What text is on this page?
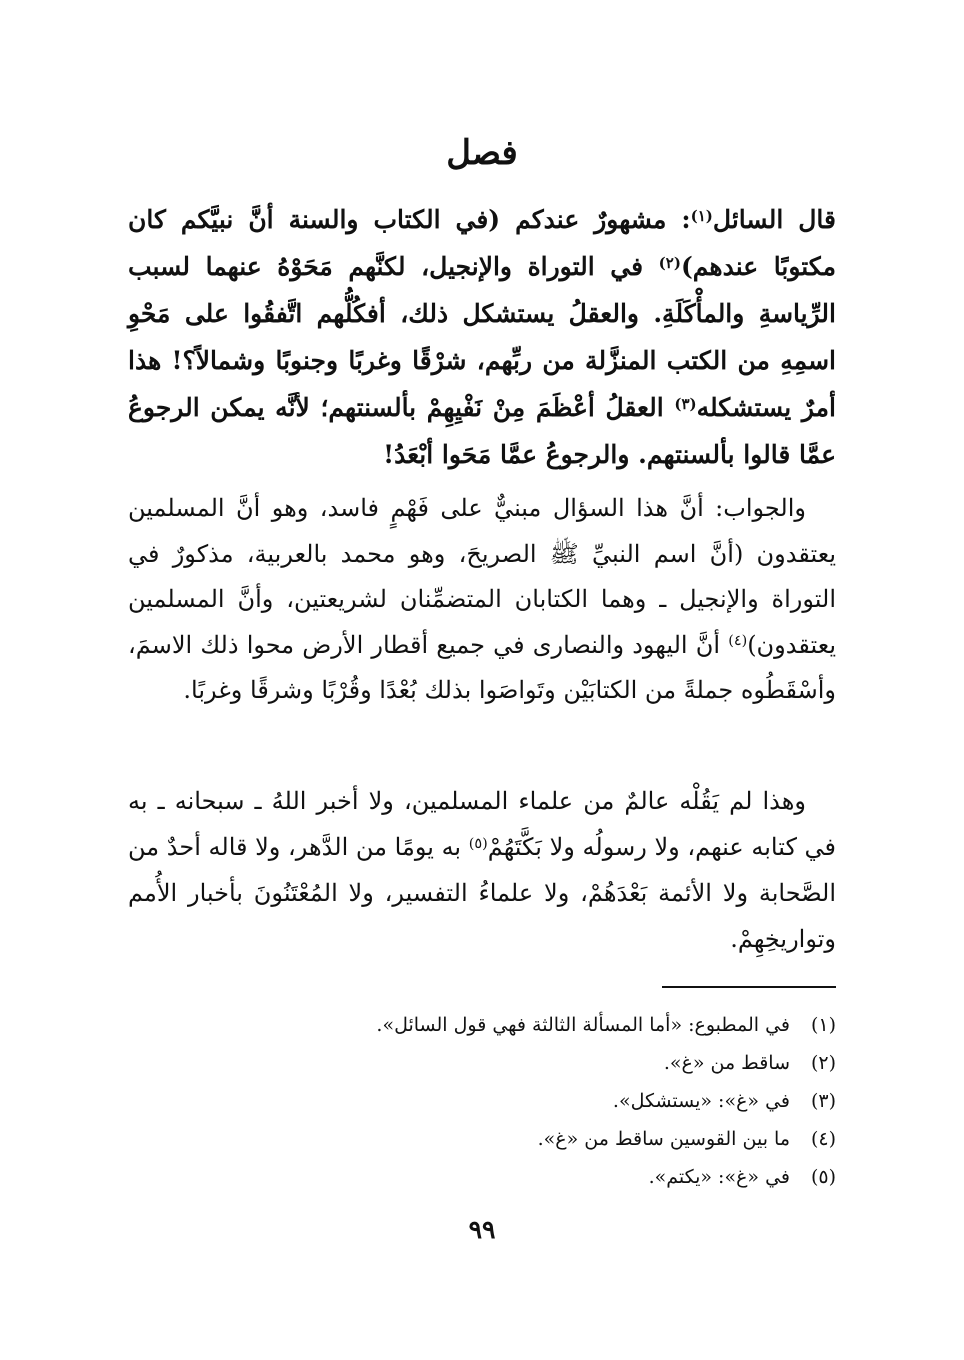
فصل

قال السائل$^{(١)}$: مشهورٌ عندكم (في الكتاب والسنة أنَّ نبيَّكم كان مكتوبًا عندهم)$^{(٢)}$ في التوراة والإنجيل، لكنَّهم مَحَوْهُ عنهما لسبب الرِّياسةِ والمأْكَلَةِ. والعقلُ يستشكل ذلك، أفكُلُّهم اتَّفقُوا على مَحْوِ اسمِهِ من الكتب المنزَّلة من ربِّهم، شرْقًا وغربًا وجنوبًا وشمالاً؟! هذا أمرٌ يستشكله$^{(٣)}$ العقلُ أعْظَمَ مِنْ نَفْيِهِمْ بألسنتهم؛ لأنَّه يمكن الرجوعُ عمَّا قالوا بألسنتهم. والرجوعُ عمَّا مَحَوا أبْعَدُ!

والجواب: أنَّ هذا السؤال مبنيٌّ على فَهْمٍ فاسد، وهو أنَّ المسلمين يعتقدون (أنَّ اسم النبيِّ ﷺ الصريحَ، وهو محمد بالعربية، مذكورٌ في التوراة والإنجيل ـ وهما الكتابان المتضمِّنان لشريعتين، وأنَّ المسلمين يعتقدون)$^{(٤)}$ أنَّ اليهود والنصارى في جميع أقطار الأرض محوا ذلك الاسمَ، وأسْقَطُوه جملةً من الكتابَيْن وتَواصَوا بذلك بُعْدًا وقُرْبًا وشرقًا وغربًا.

وهذا لم يَقُلْه عالمٌ من علماء المسلمين، ولا أخبر اللهُ ـ سبحانه ـ به في كتابه عنهم، ولا رسولُه ولا بَكَّتَهُمْ$^{(٥)}$ به يومًا من الدَّهر، ولا قاله أحدٌ من الصَّحابة ولا الأئمة بَعْدَهُمْ، ولا علماءُ التفسير، ولا المُعْتَنُونَ بأخبار الأُمم وتواريخِهِمْ.

(١)في المطبوع: «أما المسألة الثالثة فهي قول السائل».
(٢)ساقط من «غ».
(٣)في «غ»: «يستشكل».
(٤)ما بين القوسين ساقط من «غ».
(٥)في «غ»: «يكتم».
٩٩
